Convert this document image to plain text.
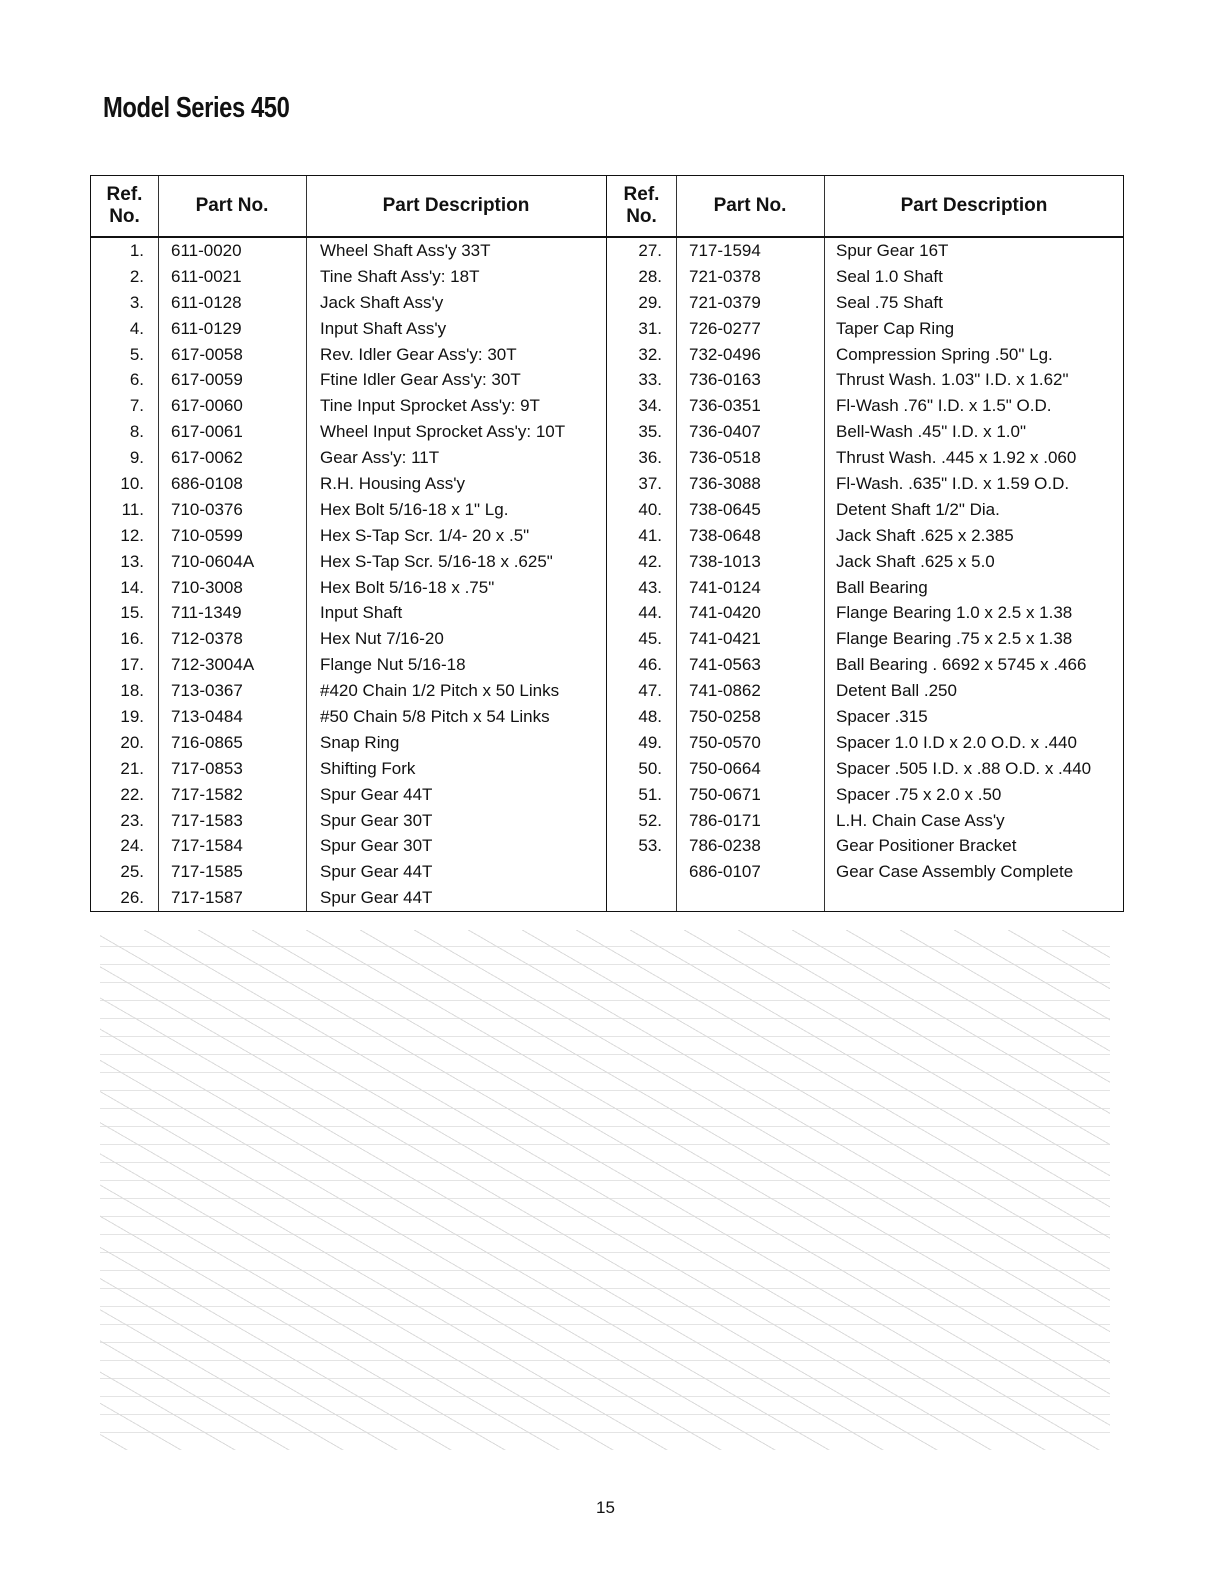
Model Series 450
Ref.
No.
Part No.	Part Description
1. 611-0020	Wheel Shaft Ass'y 33T
2. 611-0021	Tine Shaft Ass'y: 18T
3. 611-0128	Jack Shaft Ass'y
4. 611-0129	Input Shaft Ass'y
5. 617-0058	Rev. Idler Gear Ass'y: 30T
6. 617-0059	Ftine Idler Gear Ass'y: 30T
7. 617-0060	Tine Input Sprocket Ass'y: 9T
8. 617-0061	Wheel Input Sprocket Ass'y: 10T
9. 617-0062	Gear Ass'y: 11T
10. 686-0108	R.H. Housing Ass'y
11. 710-0376	Hex Bolt 5/16-18 x 1" Lg.
12. 710-0599	Hex S-Tap Scr. 1/4- 20 x .5"
13. 710-0604A	Hex S-Tap Scr. 5/16-18 x .625"
14. 710-3008	Hex Bolt 5/16-18 x .75"
15. 711-1349	Input Shaft
16. 712-0378	Hex Nut 7/16-20
17. 712-3004A	Flange Nut 5/16-18
18. 713-0367	#420 Chain 1/2 Pitch x 50 Links
19. 713-0484	#50 Chain 5/8 Pitch x 54 Links
20. 716-0865	Snap Ring
21. 717-0853	Shifting Fork
22. 717-1582	Spur Gear 44T
23. 717-1583	Spur Gear 30T
24. 717-1584	Spur Gear 30T
25. 717-1585	Spur Gear 44T
26. 717-1587	Spur Gear 44T
Ref.
No.
Part No.	Part Description
27. 717-1594	Spur Gear 16T
28. 721-0378	Seal 1.0 Shaft
29. 721-0379	Seal .75 Shaft
31. 726-0277	Taper Cap Ring
32. 732-0496	Compression Spring .50" Lg.
33. 736-0163	Thrust Wash. 1.03" I.D. x 1.62"
34. 736-0351	Fl-Wash .76" I.D. x 1.5" O.D.
35. 736-0407	Bell-Wash .45" I.D. x 1.0"
36. 736-0518	Thrust Wash. .445 x 1.92 x .060
37. 736-3088	Fl-Wash. .635" I.D. x 1.59 O.D.
40. 738-0645	Detent Shaft 1/2" Dia.
41. 738-0648	Jack Shaft .625 x 2.385
42. 738-1013	Jack Shaft .625 x 5.0
43. 741-0124	Ball Bearing
44. 741-0420	Flange Bearing 1.0 x 2.5 x 1.38
45. 741-0421	Flange Bearing .75 x 2.5 x 1.38
46. 741-0563	Ball Bearing . 6692 x 5745 x .466
47. 741-0862	Detent Ball .250
48. 750-0258	Spacer .315
49. 750-0570	Spacer 1.0 I.D x 2.0 O.D. x .440
50. 750-0664	Spacer .505 I.D. x .88 O.D. x .440
51. 750-0671	Spacer .75 x 2.0 x .50
52. 786-0171	L.H. Chain Case Ass'y
53. 786-0238	Gear Positioner Bracket
686-0107	Gear Case Assembly Complete
15
